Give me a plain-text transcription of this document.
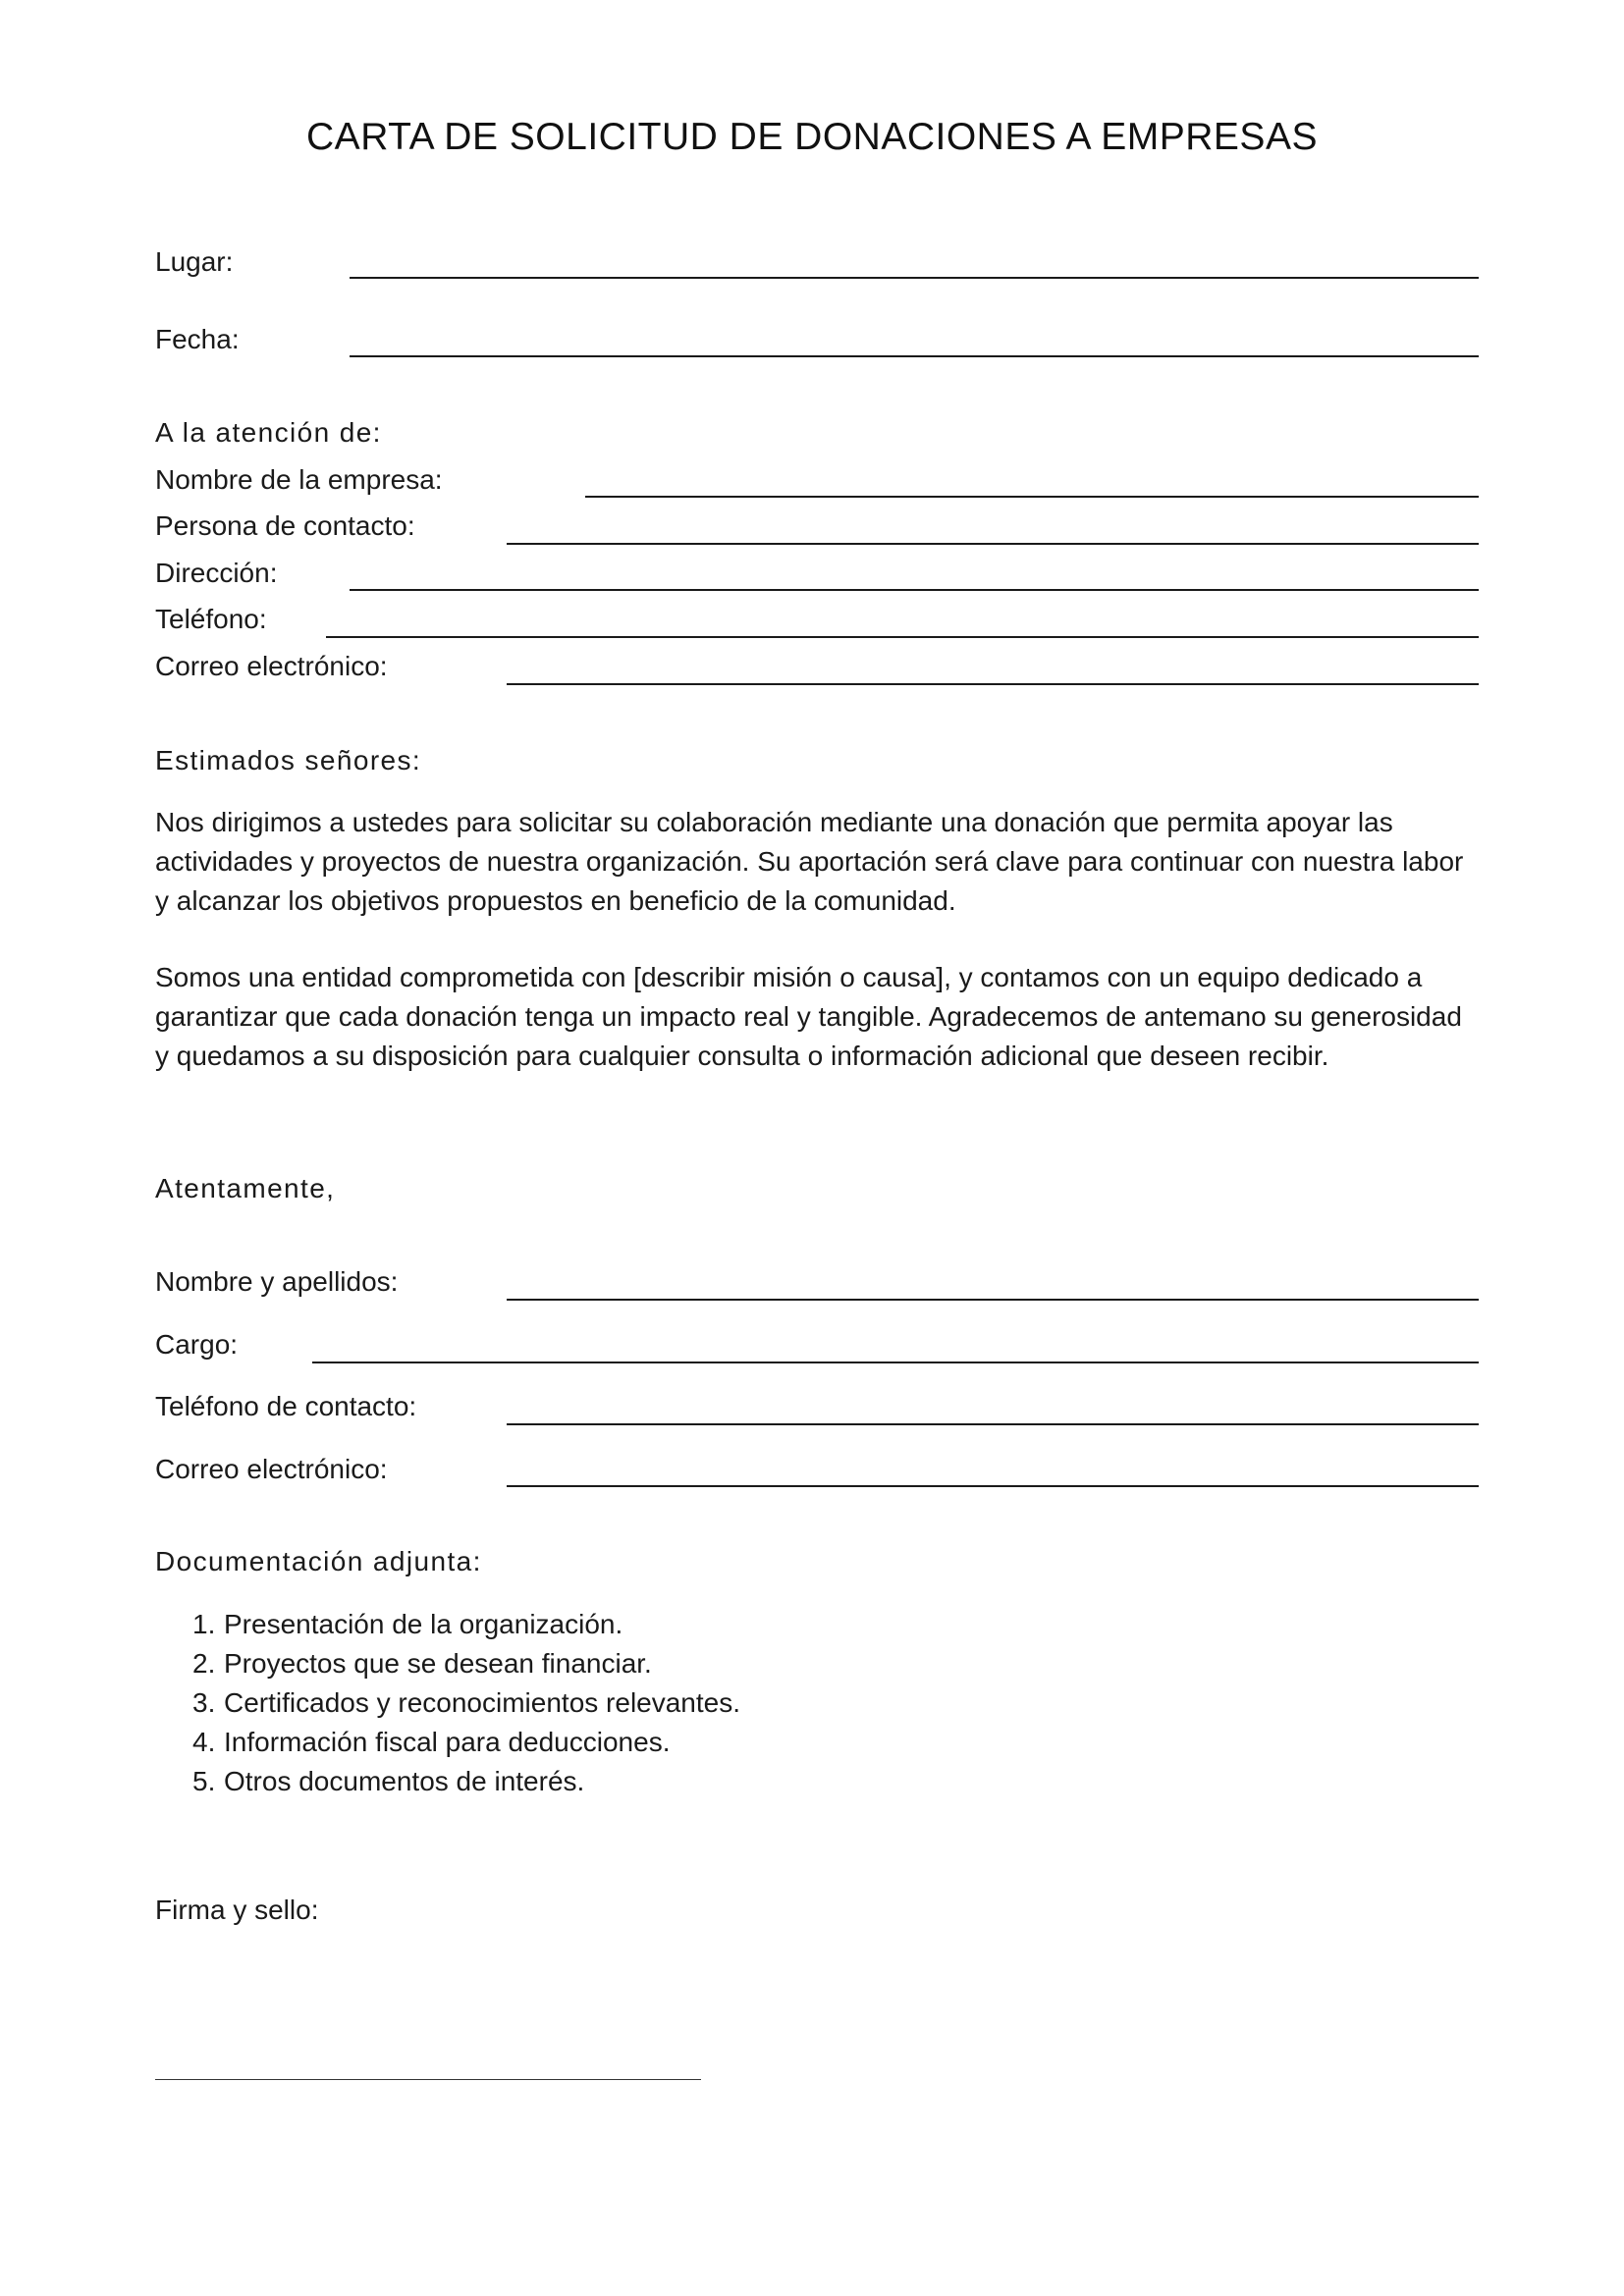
CARTA DE SOLICITUD DE DONACIONES A EMPRESAS
Lugar:
Fecha:
A la atención de:
Nombre de la empresa:
Persona de contacto:
Dirección:
Teléfono:
Correo electrónico:
Estimados señores:

Nos dirigimos a ustedes para solicitar su colaboración mediante una donación que permita apoyar las
actividades y proyectos de nuestra organización. Su aportación será clave para continuar con nuestra labor
y alcanzar los objetivos propuestos en beneficio de la comunidad.

Somos una entidad comprometida con [describir misión o causa], y contamos con un equipo dedicado a
garantizar que cada donación tenga un impacto real y tangible. Agradecemos de antemano su generosidad
y quedamos a su disposición para cualquier consulta o información adicional que deseen recibir.

Atentamente,
Nombre y apellidos:
Cargo:
Teléfono de contacto:
Correo electrónico:
Documentación adjunta:
1. Presentación de la organización.
2. Proyectos que se desean financiar.
3. Certificados y reconocimientos relevantes.
4. Información fiscal para deducciones.
5. Otros documentos de interés.
Firma y sello:
